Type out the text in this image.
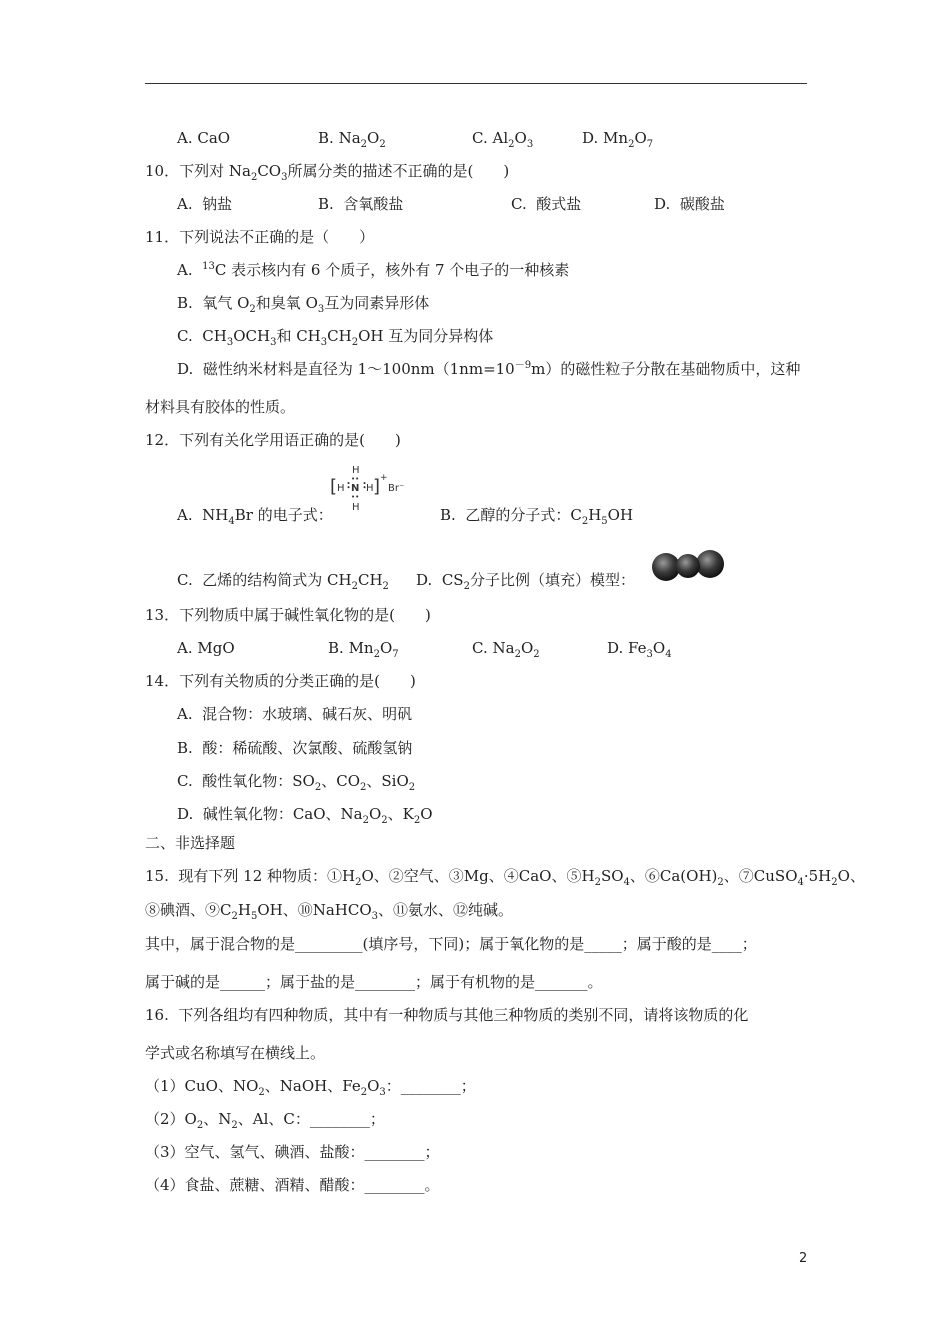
A. CaO	B. $Na_2O_2$	C. $Al_2O_3$	D. $Mn_2O_7$
10．下列对 $Na_2CO_3$所属分类的描述不正确的是(　　)
A. 钠盐	B. 含氧酸盐	C. 酸式盐	D. 碳酸盐
11．下列说法不正确的是（　　）
A. $^{13}$C 表示核内有 6 个质子，核外有 7 个电子的一种核素
B. 氧气 $O_2$和臭氧 $O_3$互为同素异形体
C. $CH_3OCH_3$和 $CH_3CH_2OH$ 互为同分异构体
D. 磁性纳米材料是直径为 $1\sim 100nm(1nm=10^{-9}m)$的磁性粒子分散在基础物质中，这种
材料具有胶体的性质。
12．下列有关化学用语正确的是(　　)
A. $NH_4Br$ 的电子式：
[
H
••
H •• N ••
H
••
H
] +
Br⁻
B. 乙醇的分子式：$C_2H_5OH$
C. 乙烯的结构简式为 $CH_2CH_2$ D. $CS_2$分子比例（填充）模型：
13．下列物质中属于碱性氧化物的是(　　)
A. MgO	B. $Mn_2O_7$	C. $Na_2O_2$	D. $Fe_3O_4$
14．下列有关物质的分类正确的是(　　)
A. 混合物：水玻璃、碱石灰、明矾
B. 酸：稀硫酸、次氯酸、硫酸氢钠
C. 酸性氧化物：$SO_2$、$CO_2$、SiO$_2$
D. 碱性氧化物：CaO、$Na_2O_2$、$K_2O$
二、非选择题
15. 现有下列 12 种物质：$①H_2O$、②空气、③Mg、④CaO、$⑤H_2SO_4$、$⑥Ca(OH)_2$、$⑦CuSO_4\cdot 5H_2O$、
⑧碘酒、$⑨C_2H_5OH$、⑩NaHCO$_3$、⑪氨水、⑫纯碱。
其中，属于混合物的是_________(填序号，下同)；属于氧化物的是_____；属于酸的是____；
属于碱的是______；属于盐的是________；属于有机物的是_______。
16. 下列各组均有四种物质，其中有一种物质与其他三种物质的类别不同，请将该物质的化
学式或名称填写在横线上。
（1）CuO、$NO_2$、NaOH、$Fe_2O_3$：________；
$(2)O_2$、$N_2$、Al、C：________；
（3）空气、氢气、碘酒、盐酸：________；
（4）食盐、蔗糖、酒精、醋酸：________。
2
